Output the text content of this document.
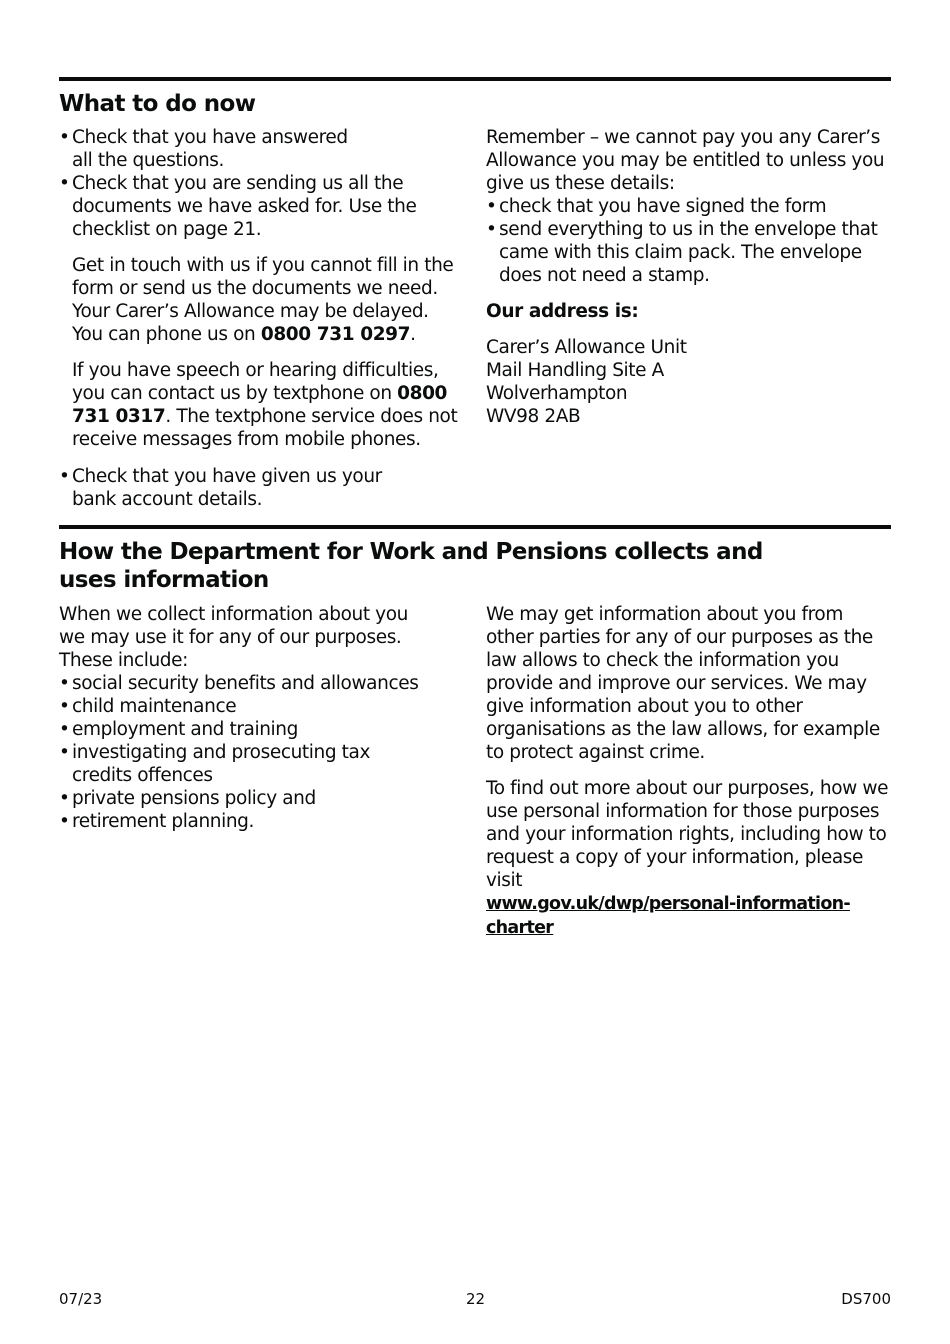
What to do now
• Check that you have answered all the questions.
• Check that you are sending us all the documents we have asked for. Use the checklist on page 21.

Get in touch with us if you cannot fill in the form or send us the documents we need. Your Carer’s Allowance may be delayed. You can phone us on 0800 731 0297.

If you have speech or hearing difficulties, you can contact us by textphone on 0800 731 0317. The textphone service does not receive messages from mobile phones.

• Check that you have given us your bank account details.
Remember – we cannot pay you any Carer’s Allowance you may be entitled to unless you give us these details:
• check that you have signed the form
• send everything to us in the envelope that came with this claim pack. The envelope does not need a stamp.

Our address is:

Carer’s Allowance Unit
Mail Handling Site A
Wolverhampton
WV98 2AB
How the Department for Work and Pensions collects and
uses information
When we collect information about you we may use it for any of our purposes. These include:
• social security benefits and allowances
• child maintenance
• employment and training
• investigating and prosecuting tax credits offences
• private pensions policy and
• retirement planning.

We may get information about you from other parties for any of our purposes as the law allows to check the information you provide and improve our services. We may give information about you to other organisations as the law allows, for example to protect against crime.

To find out more about our purposes, how we use personal information for those purposes and your information rights, including how to request a copy of your information, please visit
www.gov.uk/dwp/personal-information-charter

07/23	22	DS700
